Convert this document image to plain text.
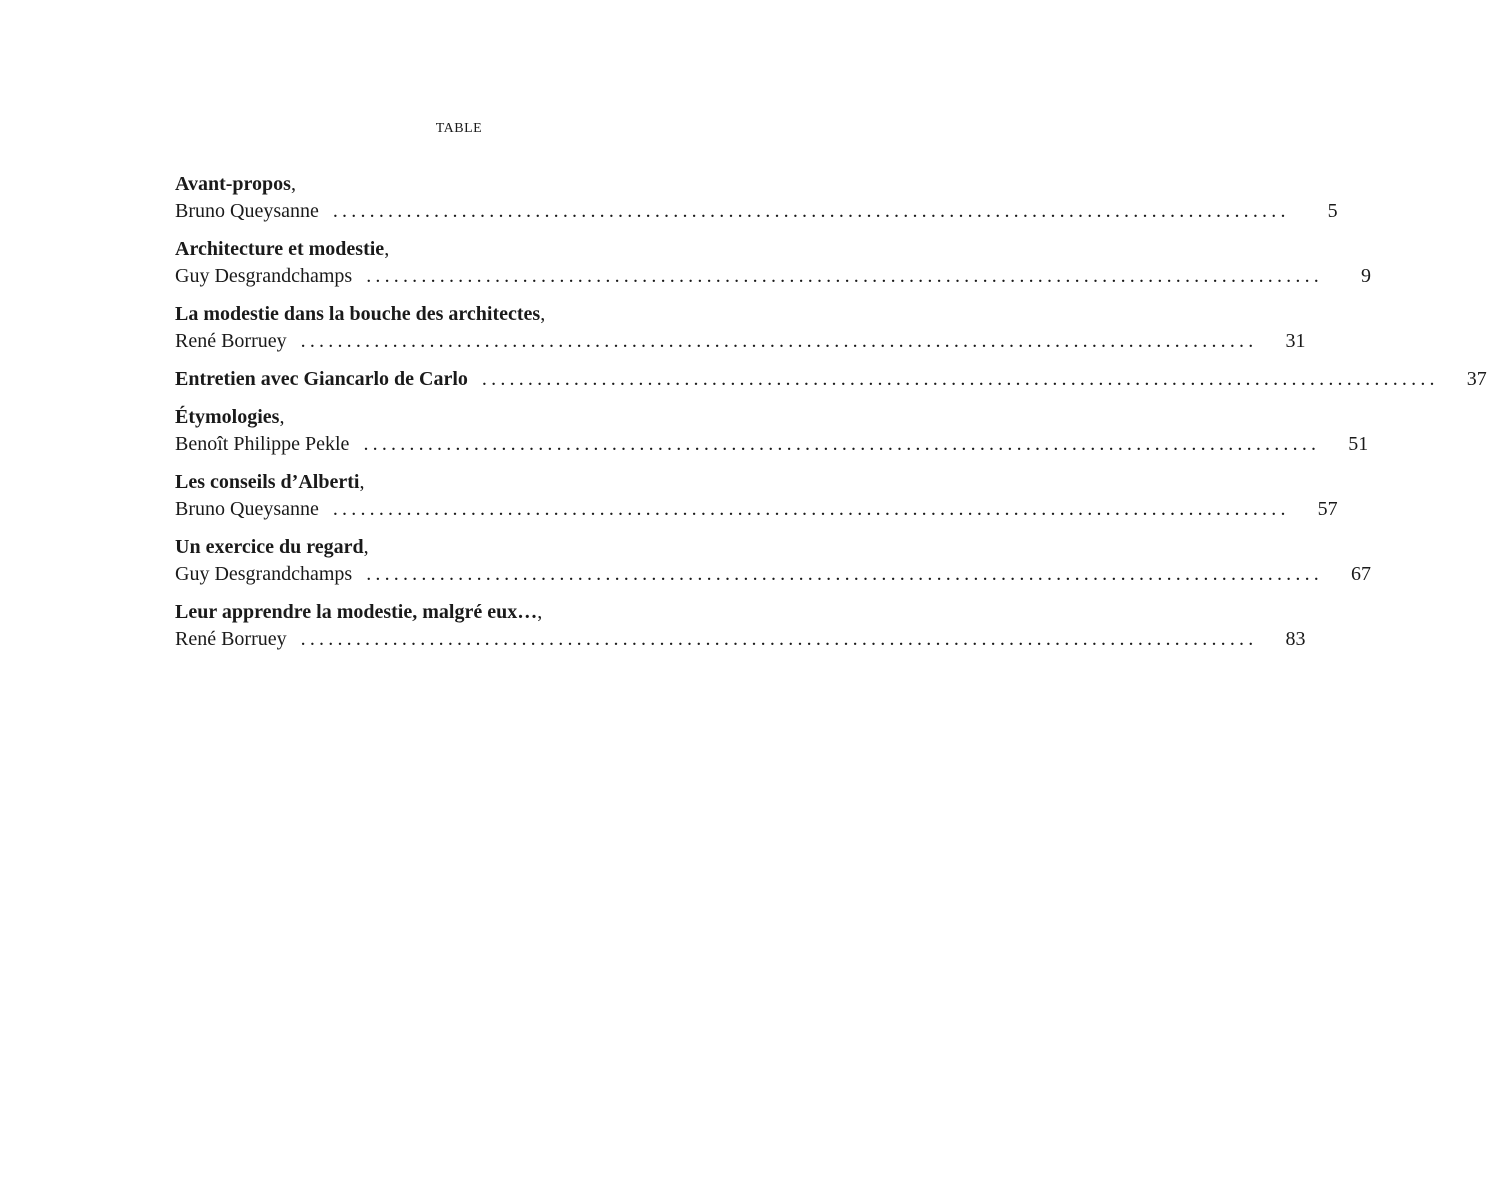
TABLE
Avant-propos,
Bruno Queysanne ........................................................................................................	5
Architecture et modestie,
Guy Desgrandchamps ........................................................................................................	9
La modestie dans la bouche des architectes,
René Borruey ........................................................................................................	31
Entretien avec Giancarlo de Carlo ........................................................................................................	37
Étymologies,
Benoît Philippe Pekle ........................................................................................................	51
Les conseils d’Alberti,
Bruno Queysanne ........................................................................................................	57
Un exercice du regard,
Guy Desgrandchamps ........................................................................................................	67
Leur apprendre la modestie, malgré eux…,
René Borruey ........................................................................................................	83
